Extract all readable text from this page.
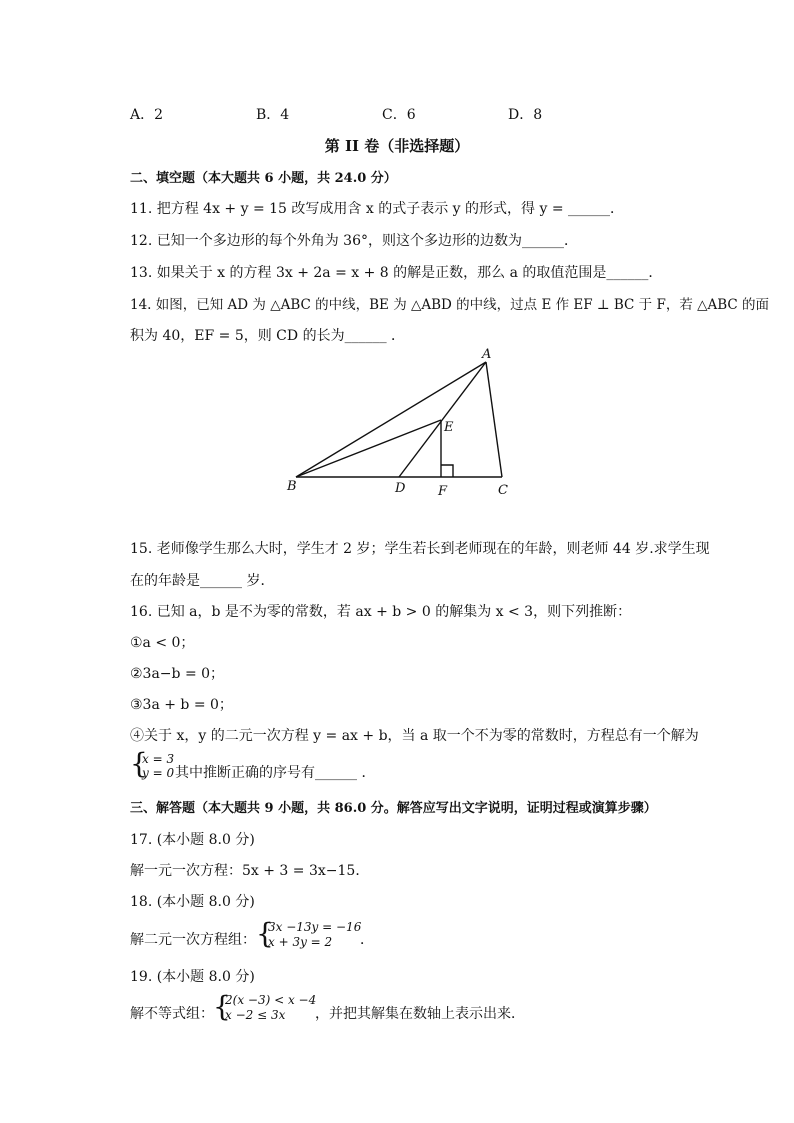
A．2	B．4	C．6	D．8
第 II 卷（非选择题）
二、填空题（本大题共 6 小题，共 24.0 分）
11. 把方程 4x + y = 15 改写成用含 x 的式子表示 y 的形式，得 y = ______．
12. 已知一个多边形的每个外角为 36°，则这个多边形的边数为______．
13. 如果关于 x 的方程 3x + 2a = x + 8 的解是正数，那么 a 的取值范围是______．
14. 如图，已知 AD 为 △ABC 的中线，BE 为 △ABD 的中线，过点 E 作 EF ⊥ BC 于 F，若 △ABC 的面
积为 40，EF = 5，则 CD 的长为______ ．
A
B	C
D
E
F
15. 老师像学生那么大时，学生才 2 岁；学生若长到老师现在的年龄，则老师 44 岁.求学生现
在的年龄是______ 岁．
16. 已知 a，b 是不为零的常数，若 ax + b > 0 的解集为 x < 3，则下列推断：
①a < 0；
②3a−b = 0；
③3a + b = 0；
④关于 x，y 的二元一次方程 y = ax + b，当 a 取一个不为零的常数时，方程总有一个解为
{
x = 3
y = 0 其中推断正确的序号有______ ．
三、解答题（本大题共 9 小题，共 86.0 分。解答应写出文字说明，证明过程或演算步骤）
17. (本小题 8.0 分)
解一元一次方程：5x + 3 = 3x−15．
18. (本小题 8.0 分)
解二元一次方程组： {
3x −13y = −16
x + 3y = 2 ．
19. (本小题 8.0 分)
解不等式组： {
2(x −3) < x −4
x −2 ≤ 3x ，并把其解集在数轴上表示出来．
